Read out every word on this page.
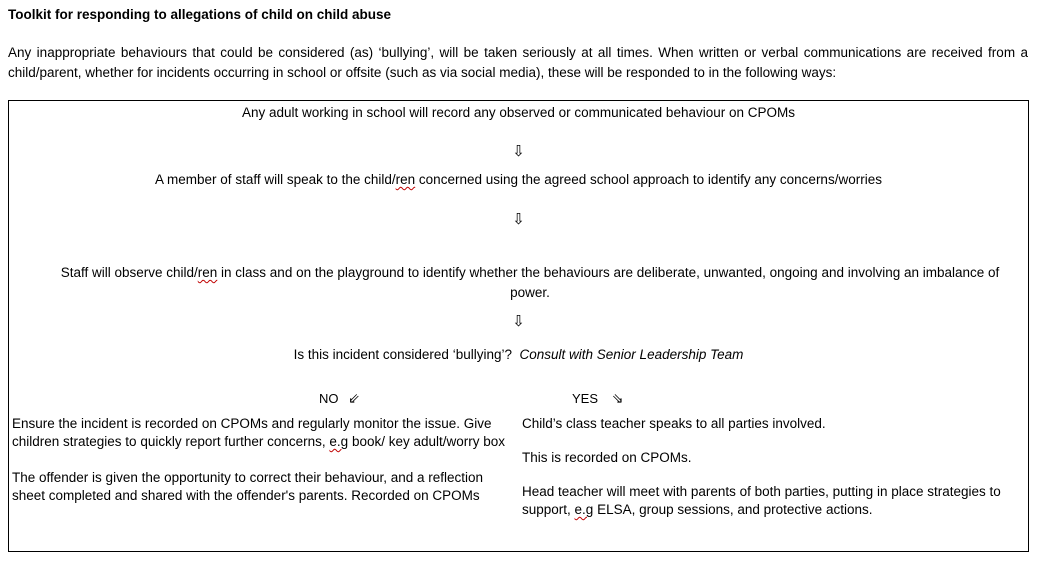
Toolkit for responding to allegations of child on child abuse
Any inappropriate behaviours that could be considered (as) ‘bullying’, will be taken seriously at all times. When written or verbal communications are received from a child/parent, whether for incidents occurring in school or offsite (such as via social media), these will be responded to in the following ways:
Any adult working in school will record any observed or communicated behaviour on CPOMs
⇩
A member of staff will speak to the child/ren concerned using the agreed school approach to identify any concerns/worries
⇩
Staff will observe child/ren in class and on the playground to identify whether the behaviours are deliberate, unwanted, ongoing and involving an imbalance of power.
⇩
Is this incident considered ‘bullying’? Consult with Senior Leadership Team
NO ⇙	YES ⇘
Ensure the incident is recorded on CPOMs and regularly monitor the issue. Give children strategies to quickly report further concerns, e.g book/ key adult/worry box
The offender is given the opportunity to correct their behaviour, and a reflection sheet completed and shared with the offender's parents. Recorded on CPOMs
Child’s class teacher speaks to all parties involved.
This is recorded on CPOMs.
Head teacher will meet with parents of both parties, putting in place strategies to support, e.g ELSA, group sessions, and protective actions.
